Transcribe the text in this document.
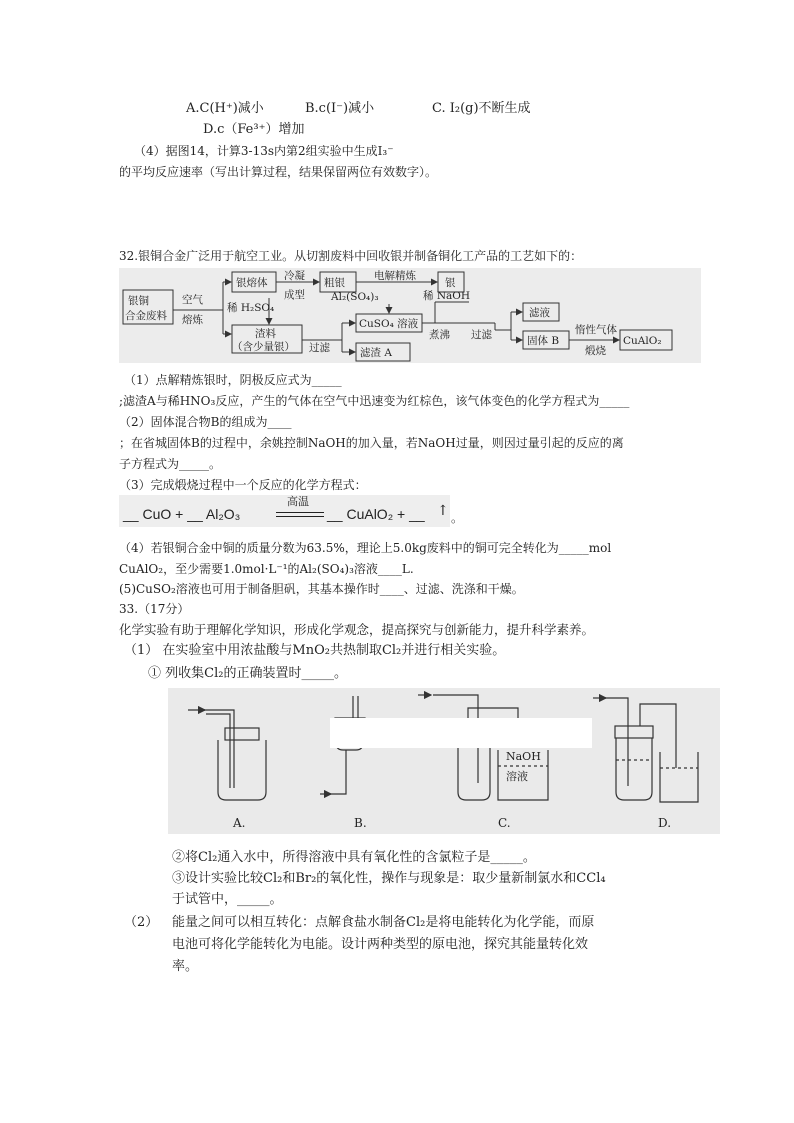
A.C(H⁺)减小	B.c(Ⅰ⁻)减小	C. Ⅰ₂(g)不断生成
D.c（Fe³⁺）增加
（4）据图14，计算3-13s内第2组实验中生成I₃⁻
的平均反应速率（写出计算过程，结果保留两位有效数字）。
32.银铜合金广泛用于航空工业。从切割废料中回收银并制备铜化工产品的工艺如下的：
银铜
合金废料
空气
熔炼
银熔体
冷凝
成型
粗银
电解精炼
银
稀 H₂SO₄
渣料
（含少量银） 过滤
Al₂(SO₄)₃	稀 NaOH
CuSO₄ 溶液
煮沸 过滤
滤液
滤渣 A
固体 B
惰性气体
煅烧
CuAlO₂
（1）点解精炼银时，阴极反应式为_____
;滤渣A与稀HNO₃反应，产生的气体在空气中迅速变为红棕色，该气体变色的化学方程式为_____
（2）固体混合物B的组成为____
；在省城固体B的过程中，余姚控制NaOH的加入量，若NaOH过量，则因过量引起的反应的离
子方程式为_____。
（3）完成煅烧过程中一个反应的化学方程式：
__ CuO + __ Al₂O₃
高温
__ CuAlO₂ + __ ↑ 。
（4）若银铜合金中铜的质量分数为63.5%，理论上5.0kg废料中的铜可完全转化为_____mol
CuAlO₂，至少需要1.0mol·L⁻¹的Al₂(SO₄)₃溶液____L.
(5)CuSO₂溶液也可用于制备胆矾，其基本操作时____、过滤、洗涤和干燥。
33.（17分）
化学实验有助于理解化学知识，形成化学观念，提高探究与创新能力，提升科学素养。
（1） 在实验室中用浓盐酸与MnO₂共热制取Cl₂并进行相关实验。
① 列收集Cl₂的正确装置时_____。
NaOH
溶液
A.	B.	C.	D.
②将Cl₂通入水中，所得溶液中具有氧化性的含氯粒子是_____。
③设计实验比较Cl₂和Br₂的氧化性，操作与现象是：取少量新制氯水和CCl₄
于试管中，_____。
（2） 能量之间可以相互转化：点解食盐水制备Cl₂是将电能转化为化学能，而原
电池可将化学能转化为电能。设计两种类型的原电池，探究其能量转化效
率。
